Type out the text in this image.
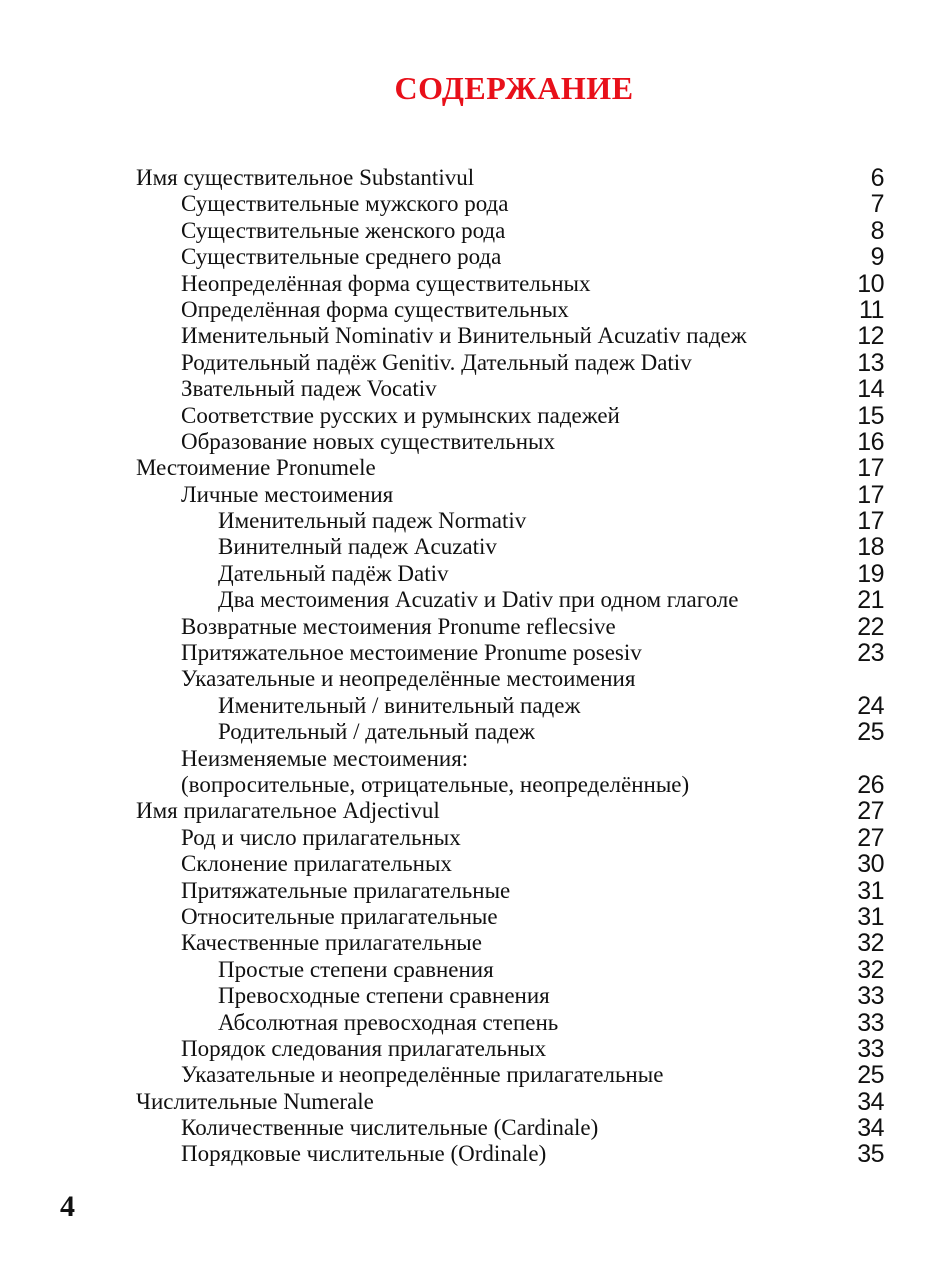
СОДЕРЖАНИЕ
Имя существительное Substantivul	6
Существительные мужского рода	7
Существительные женского рода	8
Существительные среднего рода	9
Неопределённая форма существительных	10
Определённая форма существительных	11
Именительный Nominativ и Винительный Acuzativ падеж	12
Родительный падёж Genitiv. Дательный падеж Dativ	13
Звательный падеж Vocativ	14
Соответствие русских и румынских падежей	15
Образование новых существительных	16
Местоимение Pronumele	17
Личные местоимения	17
Именительный падеж Normativ	17
Винителный падеж Acuzativ	18
Дательный падёж Dativ	19
Два местоимения Acuzativ и Dativ при одном глаголе	21
Возвратные местоимения Pronume reflecsive	22
Притяжательное местоимение Pronume posesiv	23
Указательные и неопределённые местоимения
Именительный / винительный падеж	24
Родительный / дательный падеж	25
Неизменяемые местоимения:
(вопросительные, отрицательные, неопределённые)	26
Имя прилагательное Adjectivul	27
Род и число прилагательных	27
Склонение прилагательных	30
Притяжательные прилагательные	31
Относительные прилагательные	31
Качественные прилагательные	32
Простые степени сравнения	32
Превосходные степени сравнения	33
Абсолютная превосходная степень	33
Порядок следования прилагательных	33
Указательные и неопределённые прилагательные	25
Числительные Numerale	34
Количественные числительные (Cardinale)	34
Порядковые числительные (Ordinale)	35
4
